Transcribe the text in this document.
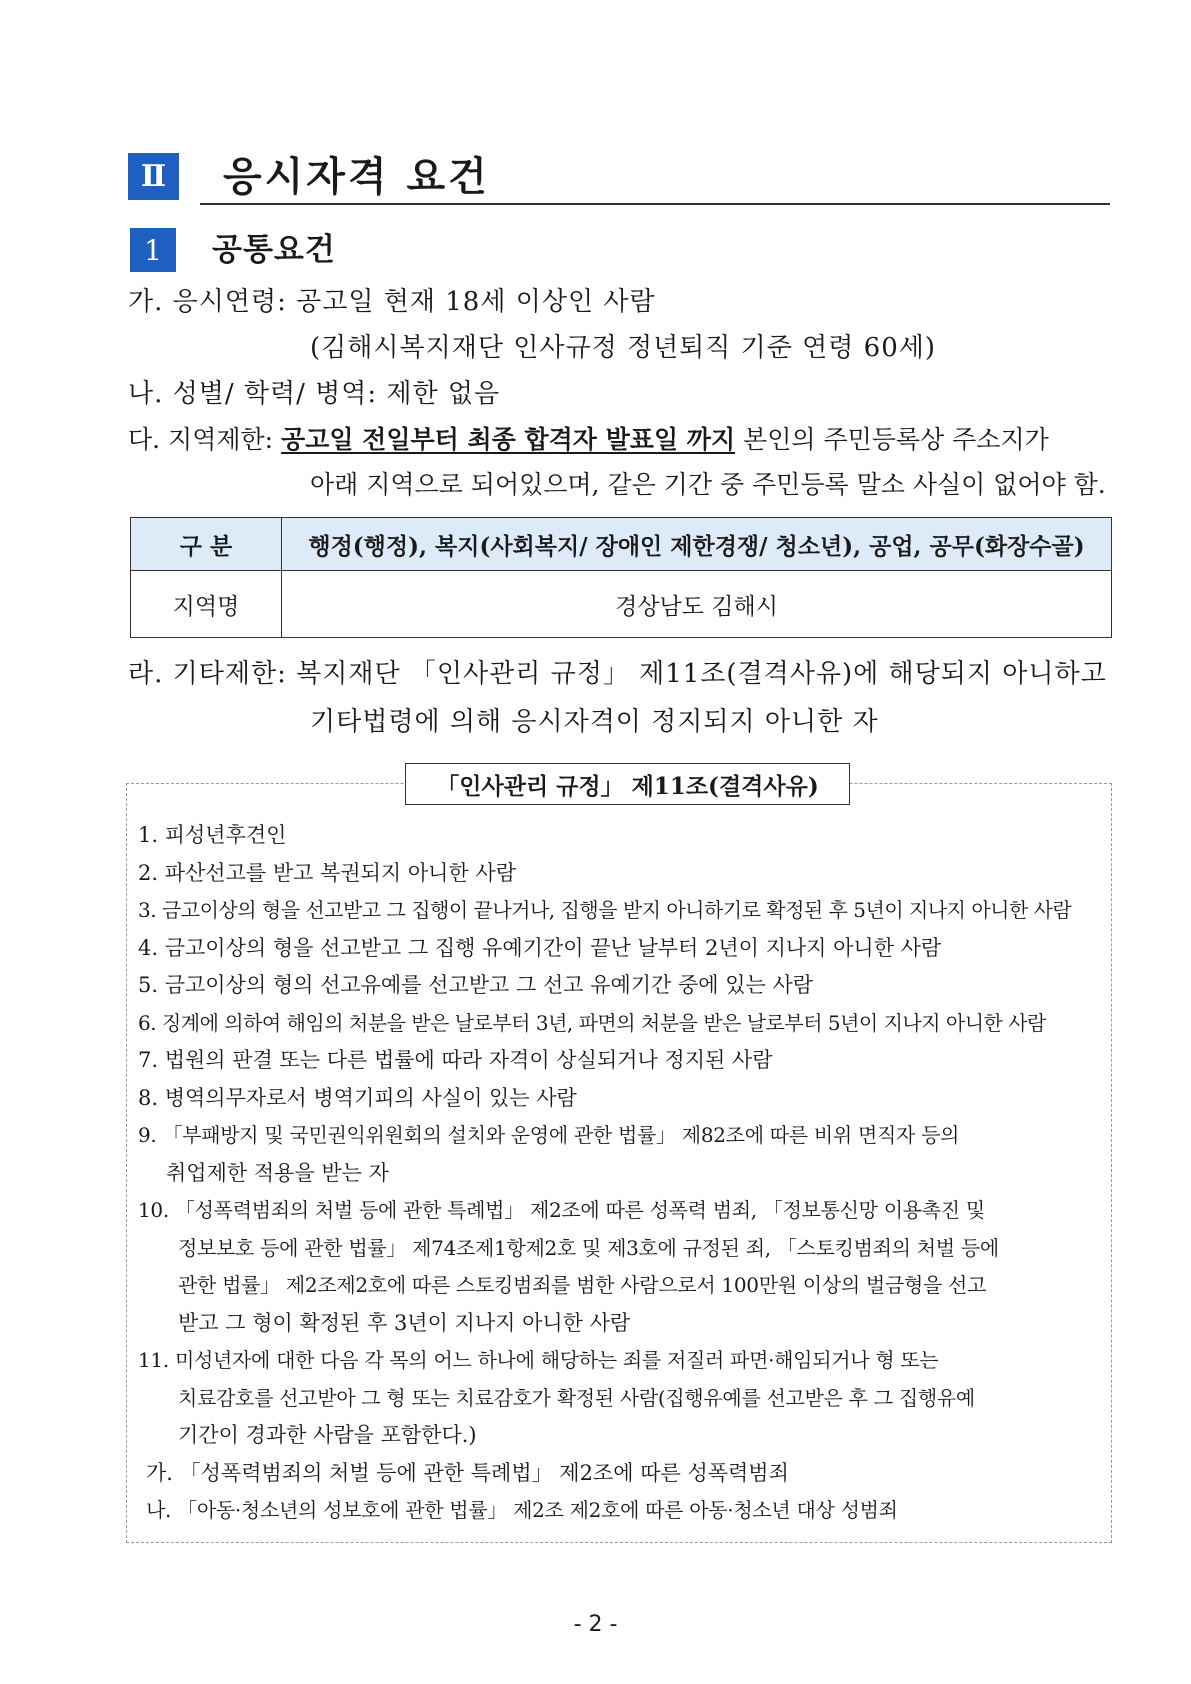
Ⅱ	응시자격 요건
1	공통요건
가. 응시연령: 공고일 현재 18세 이상인 사람
(김해시복지재단 인사규정 정년퇴직 기준 연령 60세)
나. 성별/ 학력/ 병역: 제한 없음
다. 지역제한: 공고일 전일부터 최종 합격자 발표일 까지 본인의 주민등록상 주소지가
아래 지역으로 되어있으며, 같은 기간 중 주민등록 말소 사실이 없어야 함.
구 분	행정(행정), 복지(사회복지/ 장애인 제한경쟁/ 청소년), 공업, 공무(화장수골)
지역명	경상남도 김해시
라. 기타제한: 복지재단 「인사관리 규정」 제11조(결격사유)에 해당되지 아니하고
기타법령에 의해 응시자격이 정지되지 아니한 자
「인사관리 규정」 제11조(결격사유)
1. 피성년후견인
2. 파산선고를 받고 복권되지 아니한 사람
3. 금고이상의 형을 선고받고 그 집행이 끝나거나, 집행을 받지 아니하기로 확정된 후 5년이 지나지 아니한 사람
4. 금고이상의 형을 선고받고 그 집행 유예기간이 끝난 날부터 2년이 지나지 아니한 사람
5. 금고이상의 형의 선고유예를 선고받고 그 선고 유예기간 중에 있는 사람
6. 징계에 의하여 해임의 처분을 받은 날로부터 3년, 파면의 처분을 받은 날로부터 5년이 지나지 아니한 사람
7. 법원의 판결 또는 다른 법률에 따라 자격이 상실되거나 정지된 사람
8. 병역의무자로서 병역기피의 사실이 있는 사람
9. 「부패방지 및 국민권익위원회의 설치와 운영에 관한 법률」 제82조에 따른 비위 면직자 등의
취업제한 적용을 받는 자
10. 「성폭력범죄의 처벌 등에 관한 특례법」 제2조에 따른 성폭력 범죄, 「정보통신망 이용촉진 및
정보보호 등에 관한 법률」 제74조제1항제2호 및 제3호에 규정된 죄, 「스토킹범죄의 처벌 등에
관한 법률」 제2조제2호에 따른 스토킹범죄를 범한 사람으로서 100만원 이상의 벌금형을 선고
받고 그 형이 확정된 후 3년이 지나지 아니한 사람
11. 미성년자에 대한 다음 각 목의 어느 하나에 해당하는 죄를 저질러 파면·해임되거나 형 또는
치료감호를 선고받아 그 형 또는 치료감호가 확정된 사람(집행유예를 선고받은 후 그 집행유예
기간이 경과한 사람을 포함한다.)
가. 「성폭력범죄의 처벌 등에 관한 특례법」 제2조에 따른 성폭력범죄
나. 「아동·청소년의 성보호에 관한 법률」 제2조 제2호에 따른 아동·청소년 대상 성범죄
- 2 -
